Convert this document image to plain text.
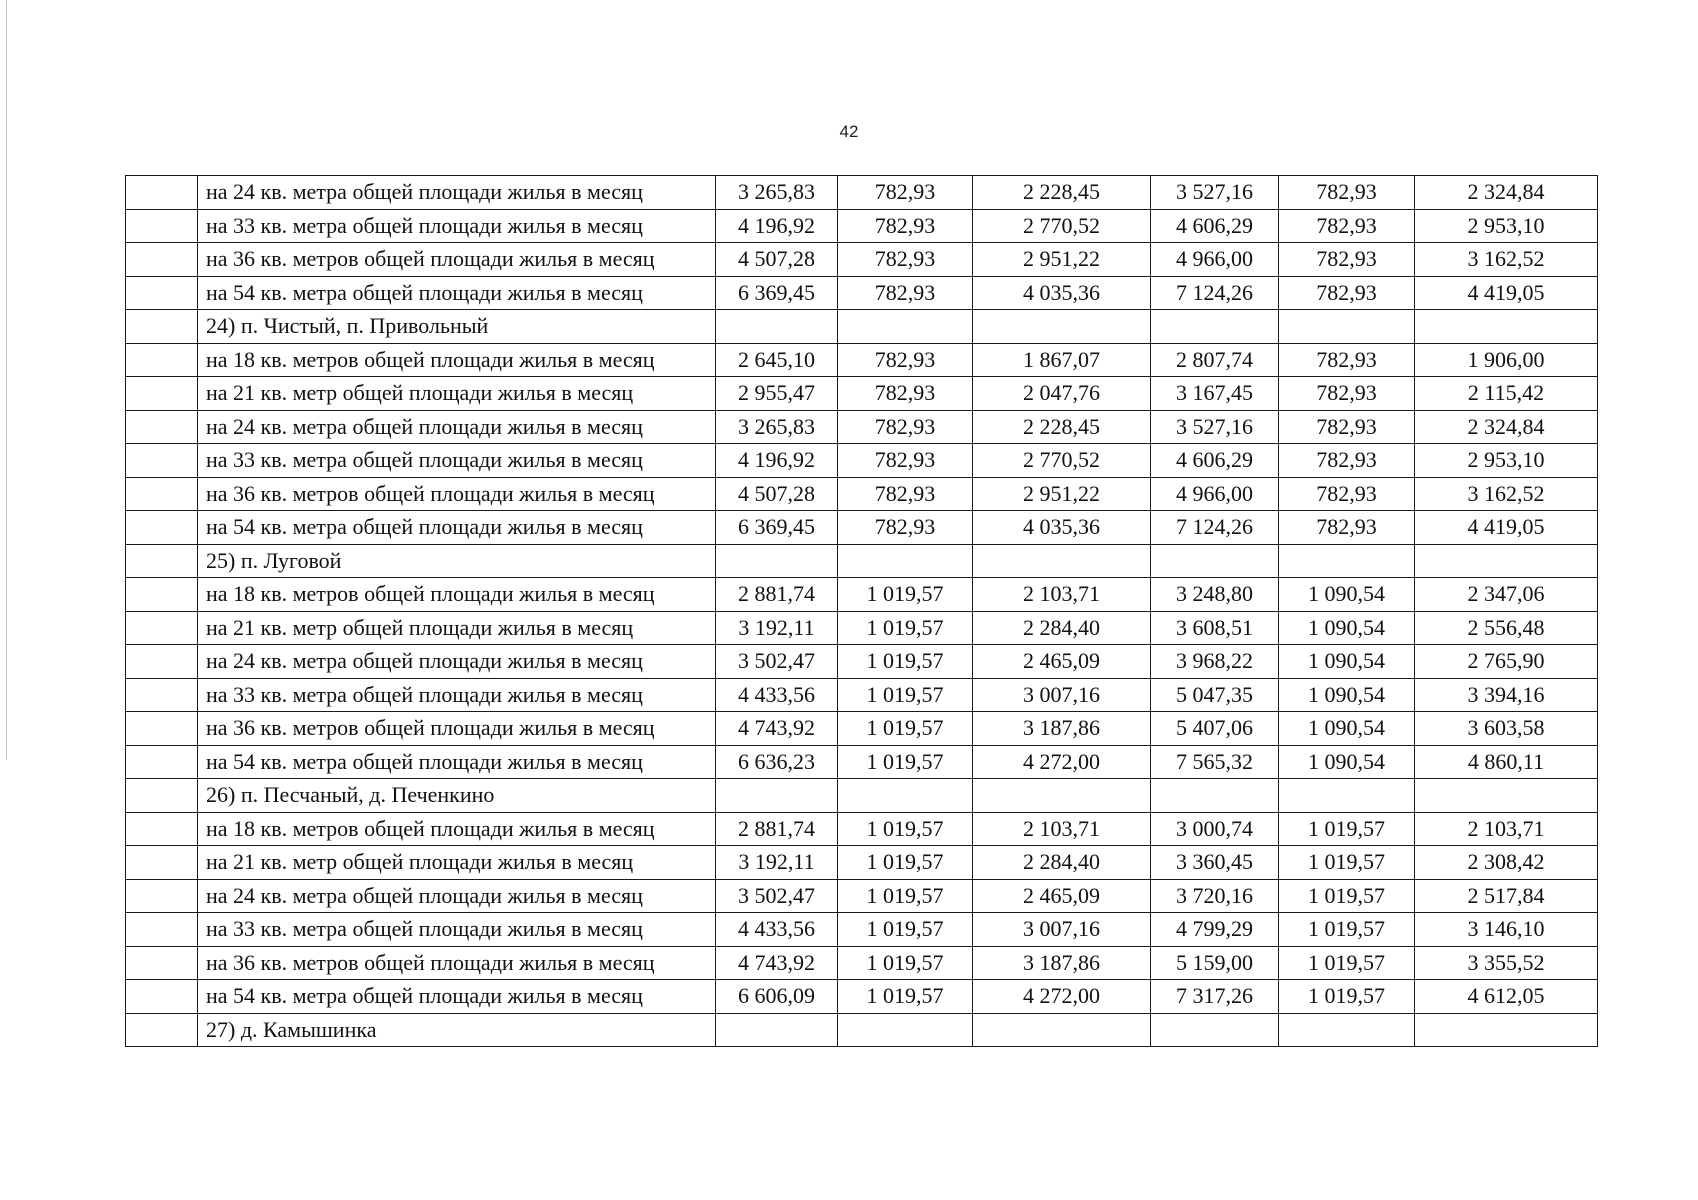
42
	на 24 кв. метра общей площади жилья в месяц	3 265,83	782,93	2 228,45	3 527,16	782,93	2 324,84
	на 33 кв. метра общей площади жилья в месяц	4 196,92	782,93	2 770,52	4 606,29	782,93	2 953,10
	на 36 кв. метров общей площади жилья в месяц	4 507,28	782,93	2 951,22	4 966,00	782,93	3 162,52
	на 54 кв. метра общей площади жилья в месяц	6 369,45	782,93	4 035,36	7 124,26	782,93	4 419,05
	24) п. Чистый, п. Привольный						
	на 18 кв. метров общей площади жилья в месяц	2 645,10	782,93	1 867,07	2 807,74	782,93	1 906,00
	на 21 кв. метр общей площади жилья в месяц	2 955,47	782,93	2 047,76	3 167,45	782,93	2 115,42
	на 24 кв. метра общей площади жилья в месяц	3 265,83	782,93	2 228,45	3 527,16	782,93	2 324,84
	на 33 кв. метра общей площади жилья в месяц	4 196,92	782,93	2 770,52	4 606,29	782,93	2 953,10
	на 36 кв. метров общей площади жилья в месяц	4 507,28	782,93	2 951,22	4 966,00	782,93	3 162,52
	на 54 кв. метра общей площади жилья в месяц	6 369,45	782,93	4 035,36	7 124,26	782,93	4 419,05
	25) п. Луговой						
	на 18 кв. метров общей площади жилья в месяц	2 881,74	1 019,57	2 103,71	3 248,80	1 090,54	2 347,06
	на 21 кв. метр общей площади жилья в месяц	3 192,11	1 019,57	2 284,40	3 608,51	1 090,54	2 556,48
	на 24 кв. метра общей площади жилья в месяц	3 502,47	1 019,57	2 465,09	3 968,22	1 090,54	2 765,90
	на 33 кв. метра общей площади жилья в месяц	4 433,56	1 019,57	3 007,16	5 047,35	1 090,54	3 394,16
	на 36 кв. метров общей площади жилья в месяц	4 743,92	1 019,57	3 187,86	5 407,06	1 090,54	3 603,58
	на 54 кв. метра общей площади жилья в месяц	6 636,23	1 019,57	4 272,00	7 565,32	1 090,54	4 860,11
	26) п. Песчаный, д. Печенкино						
	на 18 кв. метров общей площади жилья в месяц	2 881,74	1 019,57	2 103,71	3 000,74	1 019,57	2 103,71
	на 21 кв. метр общей площади жилья в месяц	3 192,11	1 019,57	2 284,40	3 360,45	1 019,57	2 308,42
	на 24 кв. метра общей площади жилья в месяц	3 502,47	1 019,57	2 465,09	3 720,16	1 019,57	2 517,84
	на 33 кв. метра общей площади жилья в месяц	4 433,56	1 019,57	3 007,16	4 799,29	1 019,57	3 146,10
	на 36 кв. метров общей площади жилья в месяц	4 743,92	1 019,57	3 187,86	5 159,00	1 019,57	3 355,52
	на 54 кв. метра общей площади жилья в месяц	6 606,09	1 019,57	4 272,00	7 317,26	1 019,57	4 612,05
	27) д. Камышинка						
